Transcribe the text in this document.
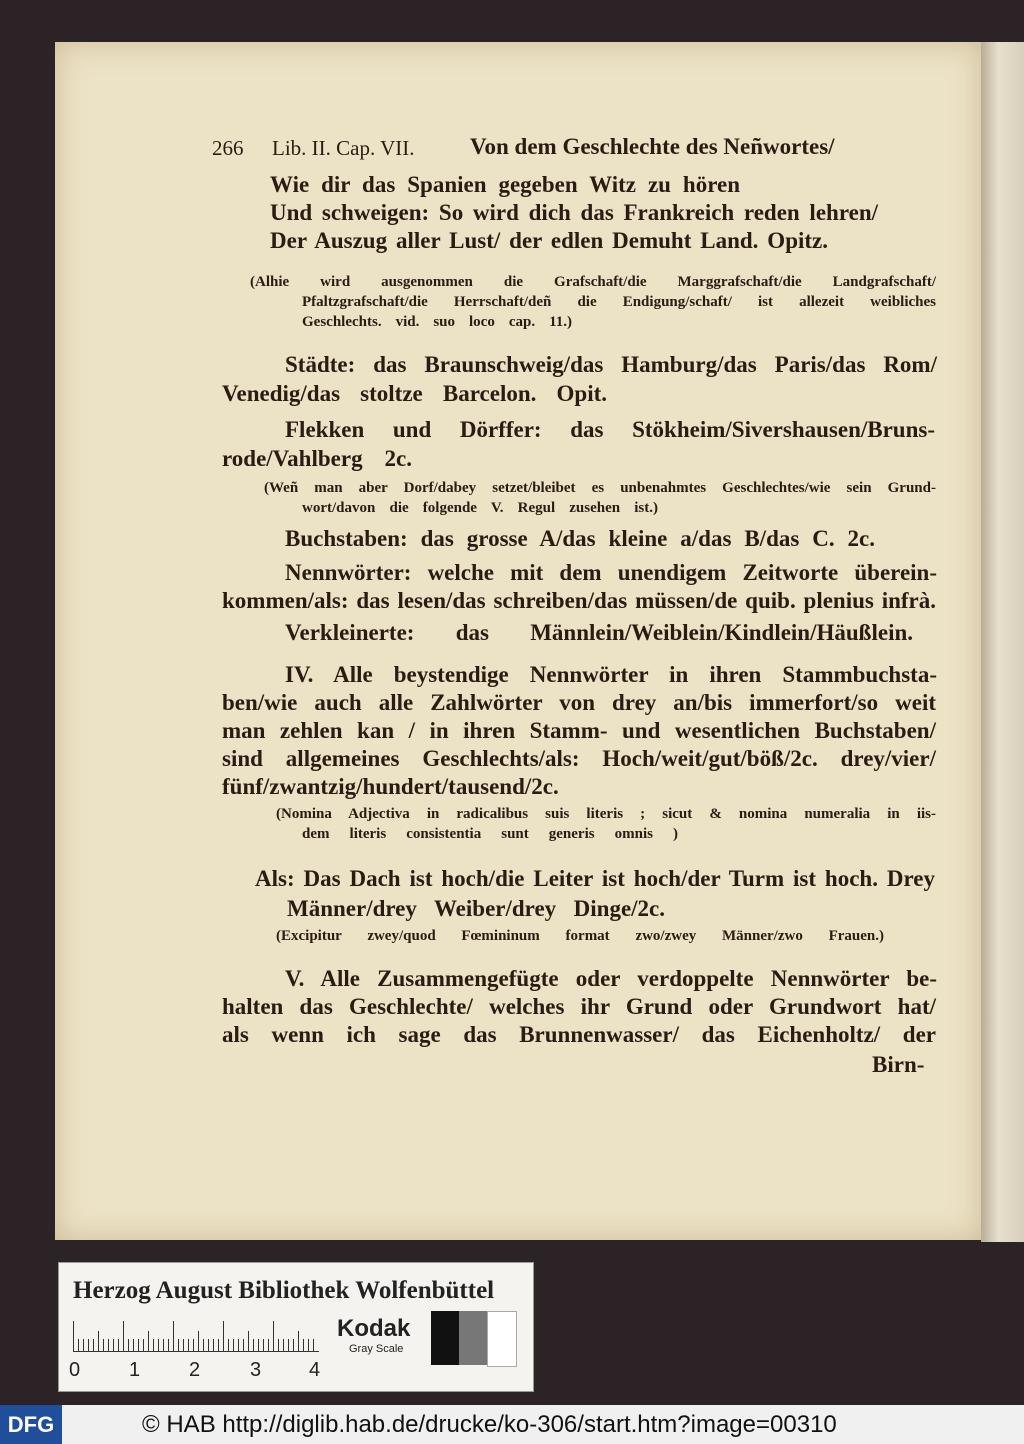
266 Lib. II. Cap. VII. Von dem Geschlechte des Neñwortes/
Wie dir das Spanien gegeben Witz zu hören
Und schweigen: So wird dich das Frankreich reden lehren/
Der Auszug aller Lust/ der edlen Demuht Land. Opitz.
(Alhie wird ausgenommen die Grafschaft/die Marggrafschaft/die Landgrafschaft/
Pfaltzgrafschaft/die Herrschaft/deñ die Endigung/schaft/ ist allezeit weibliches
Geschlechts. vid. suo loco cap. 11.)
Städte: das Braunschweig/das Hamburg/das Paris/das Rom/
Venedig/das stoltze Barcelon. Opit.
Flekken und Dörffer: das Stökheim/Sivershausen/Bruns-
rode/Vahlberg 2c.
(Weñ man aber Dorf/dabey setzet/bleibet es unbenahmtes Geschlechtes/wie sein Grund-
wort/davon die folgende V. Regul zusehen ist.)
Buchstaben: das grosse A/das kleine a/das B/das C. 2c.
Nennwörter: welche mit dem unendigem Zeitworte überein-
kommen/als: das lesen/das schreiben/das müssen/de quib. plenius infrà.
Verkleinerte: das Männlein/Weiblein/Kindlein/Häußlein.
IV. Alle beystendige Nennwörter in ihren Stammbuchsta-
ben/wie auch alle Zahlwörter von drey an/bis immerfort/so weit
man zehlen kan / in ihren Stamm- und wesentlichen Buchstaben/
sind allgemeines Geschlechts/als: Hoch/weit/gut/böß/2c. drey/vier/
fünf/zwantzig/hundert/tausend/2c.
(Nomina Adjectiva in radicalibus suis literis ; sicut & nomina numeralia in iis-
dem literis consistentia sunt generis omnis )
Als: Das Dach ist hoch/die Leiter ist hoch/der Turm ist hoch. Drey
Männer/drey Weiber/drey Dinge/2c.
(Excipitur zwey/quod Fœmininum format zwo/zwey Männer/zwo Frauen.)
V. Alle Zusammengefügte oder verdoppelte Nennwörter be-
halten das Geschlechte/ welches ihr Grund oder Grundwort hat/
als wenn ich sage das Brunnenwasser/ das Eichenholtz/ der
Birn-
Herzog August Bibliothek Wolfenbüttel
0 1 2 3 4
Kodak
Gray Scale
DFG	© HAB http://diglib.hab.de/drucke/ko-306/start.htm?image=00310
